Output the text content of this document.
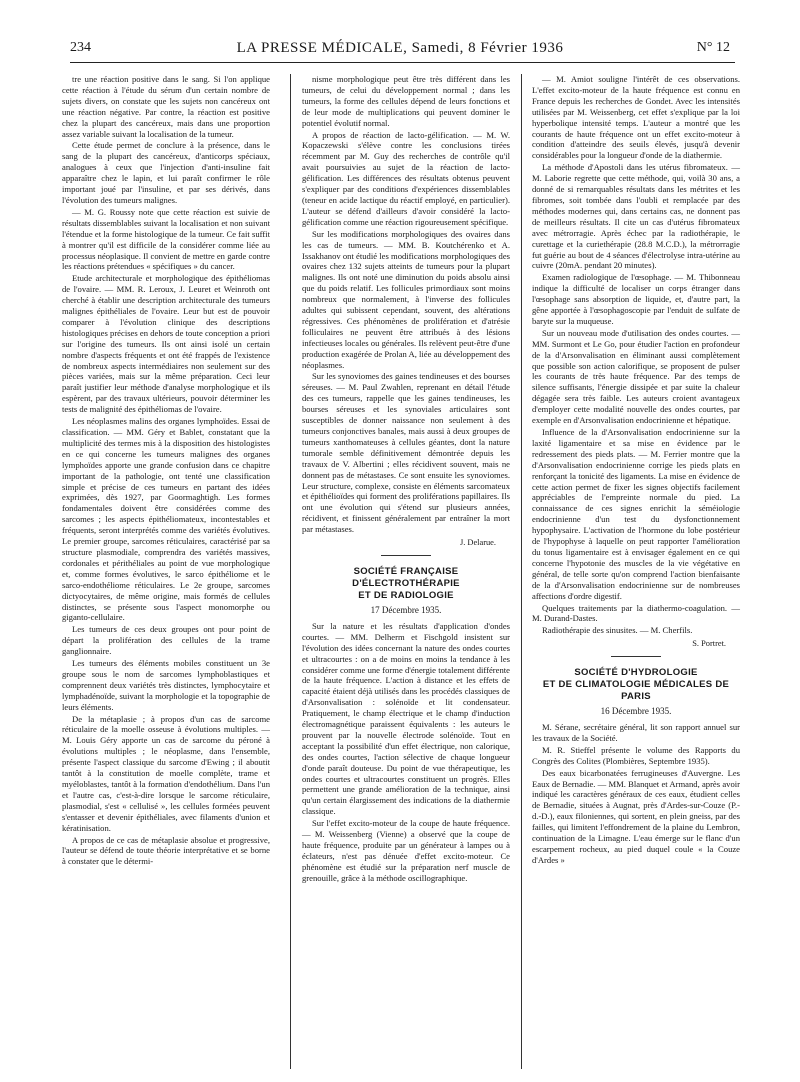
234	LA PRESSE MÉDICALE, Samedi, 8 Février 1936	N° 12

tre une réaction positive dans le sang. Si l'on applique cette réaction à l'étude du sérum d'un certain nombre de sujets divers, on constate que les sujets non cancéreux ont une réaction négative. Par contre, la réaction est positive chez la plupart des cancéreux, mais dans une proportion assez variable suivant la localisation de la tumeur.

Cette étude permet de conclure à la présence, dans le sang de la plupart des cancéreux, d'anticorps spéciaux, analogues à ceux que l'injection d'anti-insuline fait apparaître chez le lapin, et lui paraît confirmer le rôle important joué par l'insuline, et par ses dérivés, dans l'évolution des tumeurs malignes.

— M. G. Roussy note que cette réaction est suivie de résultats dissemblables suivant la localisation et non suivant l'étendue et la forme histologique de la tumeur. Ce fait suffit à montrer qu'il est difficile de la considérer comme liée au processus néoplasique. Il convient de mettre en garde contre les réactions prétendues « spécifiques » du cancer.

Etude architecturale et morphologique des épithéliomas de l'ovaire. — MM. R. Leroux, J. Leuret et Weinroth ont cherché à établir une description architecturale des tumeurs malignes épithéliales de l'ovaire. Leur but est de pouvoir comparer à l'évolution clinique des descriptions histologiques précises en dehors de toute conception a priori sur l'origine des tumeurs. Ils ont ainsi isolé un certain nombre d'aspects fréquents et ont été frappés de l'existence de nombreux aspects intermédiaires non seulement sur des pièces variées, mais sur la même préparation. Ceci leur paraît justifier leur méthode d'analyse morphologique et ils espèrent, par des travaux ultérieurs, pouvoir déterminer les tests de malignité des épithéliomas de l'ovaire.

Les néoplasmes malins des organes lymphoïdes. Essai de classification. — MM. Géry et Bablet, constatant que la multiplicité des termes mis à la disposition des histologistes en ce qui concerne les tumeurs malignes des organes lymphoïdes apporte une grande confusion dans ce chapitre important de la pathologie, ont tenté une classification simple et précise de ces tumeurs en partant des idées exprimées, dès 1927, par Goormaghtigh. Les formes fondamentales doivent être considérées comme des sarcomes ; les aspects épithéliomateux, incontestables et fréquents, seront interprétés comme des variétés évolutives. Le premier groupe, sarcomes réticulaires, caractérisé par sa structure plasmodiale, comprendra des variétés massives, cordonales et périthéliales au point de vue morphologique et, comme formes évolutives, le sarco épithéliome et le sarco-endothéliome réticulaires. Le 2e groupe, sarcomes dictyocytaires, de même origine, mais formés de cellules distinctes, se présente sous l'aspect monomorphe ou giganto-cellulaire.

Les tumeurs de ces deux groupes ont pour point de départ la prolifération des cellules de la trame ganglionnaire.

Les tumeurs des éléments mobiles constituent un 3e groupe sous le nom de sarcomes lymphoblastiques et comprennent deux variétés très distinctes, lymphocytaire et lymphadénoïde, suivant la morphologie et la topographie de leurs éléments.

De la métaplasie ; à propos d'un cas de sarcome réticulaire de la moelle osseuse à évolutions multiples. — M. Louis Géry apporte un cas de sarcome du péroné à évolutions multiples ; le néoplasme, dans l'ensemble, présente l'aspect classique du sarcome d'Ewing ; il aboutit tantôt à la constitution de moelle complète, trame et myéloblastes, tantôt à la formation d'endothélium. Dans l'un et l'autre cas, c'est-à-dire lorsque le sarcome réticulaire, plasmodial, s'est « cellulisé », les cellules formées peuvent s'entasser et devenir épithéliales, avec filaments d'union et kératinisation.

A propos de ce cas de métaplasie absolue et progressive, l'auteur se défend de toute théorie interprétative et se borne à constater que le détermi-

nisme morphologique peut être très différent dans les tumeurs, de celui du développement normal ; dans les tumeurs, la forme des cellules dépend de leurs fonctions et de leur mode de multiplications qui peuvent dominer le potentiel évolutif normal.

A propos de réaction de lacto-gélification. — M. W. Kopaczewski s'élève contre les conclusions tirées récemment par M. Guy des recherches de contrôle qu'il avait poursuivies au sujet de la réaction de lacto-gélification. Les différences des résultats obtenus peuvent s'expliquer par des conditions d'expériences dissemblables (teneur en acide lactique du réactif employé, en particulier). L'auteur se défend d'ailleurs d'avoir considéré la lacto-gélification comme une réaction rigoureusement spécifique.

Sur les modifications morphologiques des ovaires dans les cas de tumeurs. — MM. B. Koutchérenko et A. Issakhanov ont étudié les modifications morphologiques des ovaires chez 132 sujets atteints de tumeurs pour la plupart malignes. Ils ont noté une diminution du poids absolu ainsi que du poids relatif. Les follicules primordiaux sont moins nombreux que normalement, à l'inverse des follicules adultes qui subissent cependant, souvent, des altérations régressives. Ces phénomènes de prolifération et d'atrésie folliculaires ne peuvent être attribués à des lésions infectieuses locales ou générales. Ils relèvent peut-être d'une production exagérée de Prolan A, liée au développement des néoplasmes.

Sur les synoviomes des gaines tendineuses et des bourses séreuses. — M. Paul Zwahlen, reprenant en détail l'étude des ces tumeurs, rappelle que les gaines tendineuses, les bourses séreuses et les synoviales articulaires sont susceptibles de donner naissance non seulement à des tumeurs conjonctives banales, mais aussi à deux groupes de tumeurs xanthomateuses à cellules géantes, dont la nature tumorale semble définitivement démontrée depuis les travaux de V. Albertini ; elles récidivent souvent, mais ne donnent pas de métastases. Ce sont ensuite les synoviomes. Leur structure, complexe, consiste en éléments sarcomateux et épithélioïdes qui forment des proliférations papillaires. Ils ont une évolution qui s'étend sur plusieurs années, récidivent, et finissent généralement par entraîner la mort par métastases.

J. Delarue.
SOCIÉTÉ FRANÇAISE D'ÉLECTROTHÉRAPIE
ET DE RADIOLOGIE
17 Décembre 1935.

Sur la nature et les résultats d'application d'ondes courtes. — MM. Delherm et Fischgold insistent sur l'évolution des idées concernant la nature des ondes courtes et ultracourtes : on a de moins en moins la tendance à les considérer comme une forme d'énergie totalement différente de la haute fréquence. L'action à distance et les effets de capacité étaient déjà utilisés dans les procédés classiques de d'Arsonvalisation : solénoïde et lit condensateur. Pratiquement, le champ électrique et le champ d'induction électromagnétique paraissent équivalents : les auteurs le prouvent par la nouvelle électrode solénoïde. Tout en acceptant la possibilité d'un effet électrique, non calorique, des ondes courtes, l'action sélective de chaque longueur d'onde paraît douteuse. Du point de vue thérapeutique, les ondes courtes et ultracourtes constituent un progrès. Elles permettent une grande amélioration de la technique, ainsi qu'un certain élargissement des indications de la diathermie classique.

Sur l'effet excito-moteur de la coupe de haute fréquence. — M. Weissenberg (Vienne) a observé que la coupe de haute fréquence, produite par un générateur à lampes ou à éclateurs, n'est pas dénuée d'effet excito-moteur. Ce phénomène est étudié sur la préparation nerf muscle de grenouille, grâce à la méthode oscillographique.

— M. Amiot souligne l'intérêt de ces observations. L'effet excito-moteur de la haute fréquence est connu en France depuis les recherches de Gondet. Avec les intensités utilisées par M. Weissenberg, cet effet s'explique par la loi hyperbolique intensité temps. L'auteur a montré que les courants de haute fréquence ont un effet excito-moteur à condition d'atteindre des seuils élevés, jusqu'à devenir considérables pour la longueur d'onde de la diathermie.

La méthode d'Apostoli dans les utérus fibromateux. — M. Laborie regrette que cette méthode, qui, voilà 30 ans, a donné de si remarquables résultats dans les métrites et les fibromes, soit tombée dans l'oubli et remplacée par des méthodes modernes qui, dans certains cas, ne donnent pas de meilleurs résultats. Il cite un cas d'utérus fibromateux avec métrorragie. Après échec par la radiothérapie, le curettage et la curiethérapie (28.8 M.C.D.), la métrorragie fut guérie au bout de 4 séances d'électrolyse intra-utérine au cuivre (20mA. pendant 20 minutes).

Examen radiologique de l'œsophage. — M. Thibonneau indique la difficulté de localiser un corps étranger dans l'œsophage sans absorption de liquide, et, d'autre part, la gêne apportée à l'œsophagoscopie par l'enduit de sulfate de baryte sur la muqueuse.

Sur un nouveau mode d'utilisation des ondes courtes. — MM. Surmont et Le Go, pour étudier l'action en profondeur de la d'Arsonvalisation en éliminant aussi complètement que possible son action calorifique, se proposent de pulser les courants de très haute fréquence. Par des temps de silence suffisants, l'énergie dissipée et par suite la chaleur dégagée sera très faible. Les auteurs croient avantageux d'employer cette modalité nouvelle des ondes courtes, par exemple en d'Arsonvalisation endocrinienne et hépatique.

Influence de la d'Arsonvalisation endocrinienne sur la laxité ligamentaire et sa mise en évidence par le redressement des pieds plats. — M. Ferrier montre que la d'Arsonvalisation endocrinienne corrige les pieds plats en renforçant la tonicité des ligaments. La mise en évidence de cette action permet de fixer les signes objectifs facilement appréciables de l'empreinte normale du pied. La connaissance de ces signes enrichit la séméiologie endocrinienne d'un test du dysfonctionnement hypophysaire. L'activation de l'hormone du lobe postérieur de l'hypophyse à laquelle on peut rapporter l'amélioration du tonus ligamentaire est à envisager également en ce qui concerne l'hypotonie des muscles de la vie végétative en général, de telle sorte qu'on comprend l'action bienfaisante de la d'Arsonvalisation endocrinienne sur de nombreuses affections d'ordre digestif.

Quelques traitements par la diathermo-coagulation. — M. Durand-Dastes.

Radiothérapie des sinusites. — M. Cherfils.

S. Portret.
SOCIÉTÉ D'HYDROLOGIE
ET DE CLIMATOLOGIE MÉDICALES DE PARIS
16 Décembre 1935.

M. Sérane, secrétaire général, lit son rapport annuel sur les travaux de la Société.

M. R. Stieffel présente le volume des Rapports du Congrès des Colites (Plombières, Septembre 1935).

Des eaux bicarbonatées ferrugineuses d'Auvergne. Les Eaux de Bernadie. — MM. Blanquet et Armand, après avoir indiqué les caractères généraux de ces eaux, étudient celles de Bernadie, situées à Augnat, près d'Ardes-sur-Couze (P.-d.-D.), eaux filoniennes, qui sortent, en plein gneiss, par des failles, qui limitent l'effondrement de la plaine du Lembron, continuation de la Limagne. L'eau émerge sur le flanc d'un escarpement rocheux, au pied duquel coule « la Couze d'Ardes »
